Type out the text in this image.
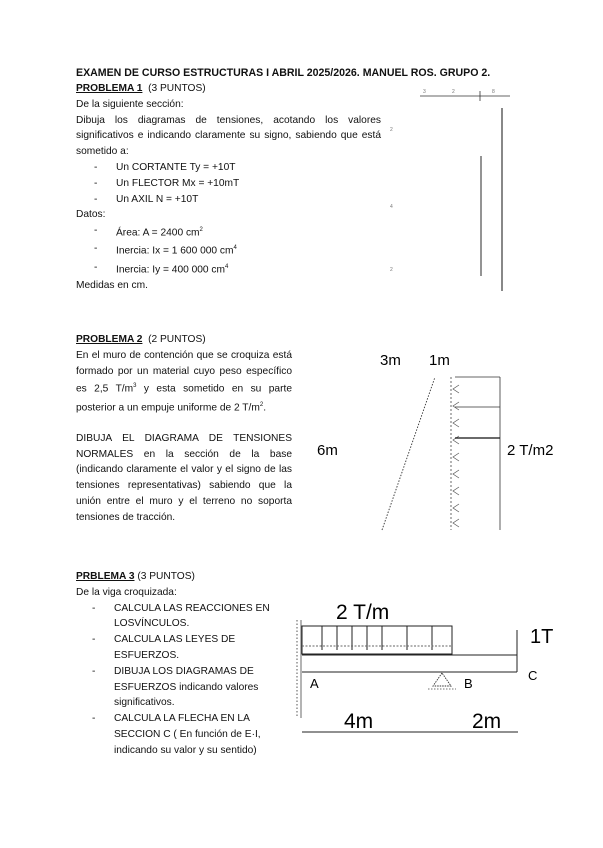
EXAMEN DE CURSO ESTRUCTURAS I ABRIL 2025/2026. MANUEL ROS. GRUPO 2.
PROBLEMA 1 (3 PUNTOS)
De la siguiente sección:
Dibuja los diagramas de tensiones, acotando los valores significativos e indicando claramente su signo, sabiendo que está sometido a:
- Un CORTANTE Ty = +10T
- Un FLECTOR Mx = +10mT
- Un AXIL N = +10T
Datos:
- Área: A = 2400 $cm^2$
- Inercia: Ix = 1 600 000 $cm^4$
- Inercia: Iy = 400 000 $cm^4$
Medidas en cm.
3	2	8
2
4
2
PROBLEMA 2 (2 PUNTOS)
En el muro de contención que se croquiza está formado por un material cuyo peso específico es 2,5 $T/m^3$ y esta sometido en su parte posterior a un empuje uniforme de 2 $T/m^2$.
DIBUJA EL DIAGRAMA DE TENSIONES NORMALES en la sección de la base (indicando claramente el valor y el signo de las tensiones representativas) sabiendo que la unión entre el muro y el terreno no soporta tensiones de tracción.
3m 1m
6m	2 T/m2
PRBLEMA 3 (3 PUNTOS)
De la viga croquizada:
- CALCULA LAS REACCIONES EN
LOSVÍNCULOS.
- CALCULA LAS LEYES DE
ESFUERZOS.
- DIBUJA LOS DIAGRAMAS DE
ESFUERZOS indicando valores
significativos.
- CALCULA LA FLECHA EN LA
SECCION C ( En función de E·I,
indicando su valor y su sentido)
2 T/m
1T
A	B
C
4m	2m
